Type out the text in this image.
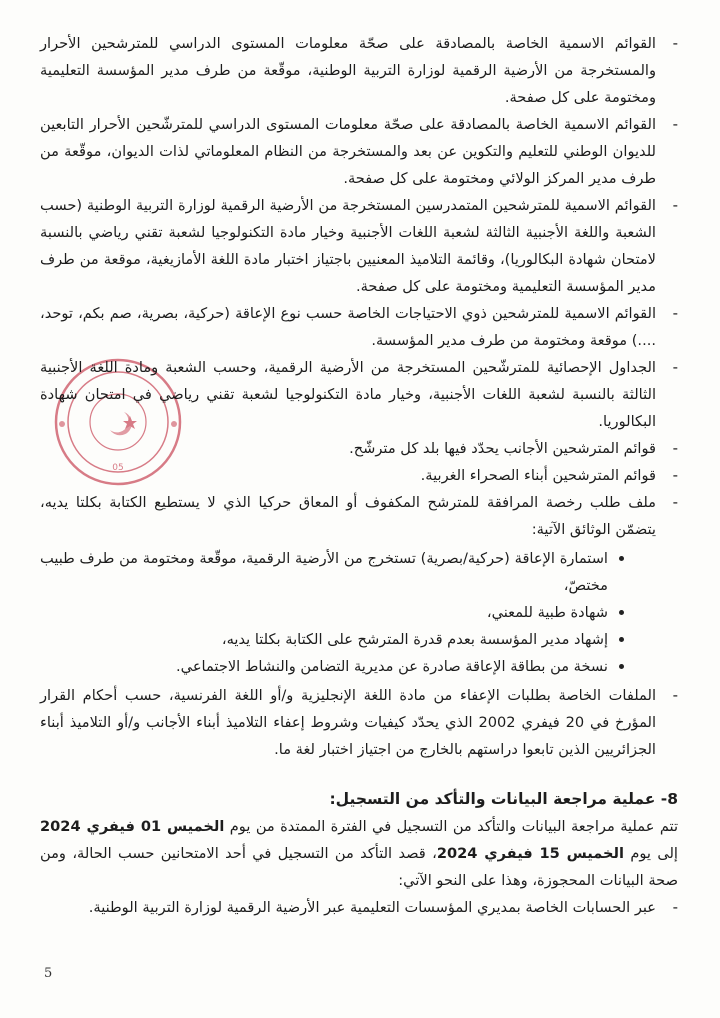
05
-
القوائم الاسمية الخاصة بالمصادقة على صحّة معلومات المستوى الدراسي للمترشحين الأحرار والمستخرجة من الأرضية الرقمية لوزارة التربية الوطنية، موقّعة من طرف مدير المؤسسة التعليمية ومختومة على كل صفحة.
-
القوائم الاسمية الخاصة بالمصادقة على صحّة معلومات المستوى الدراسي للمترشّحين الأحرار التابعين للديوان الوطني للتعليم والتكوين عن بعد والمستخرجة من النظام المعلوماتي لذات الديوان، موقّعة من طرف مدير المركز الولائي ومختومة على كل صفحة.
-
القوائم الاسمية للمترشحين المتمدرسين المستخرجة من الأرضية الرقمية لوزارة التربية الوطنية (حسب الشعبة واللغة الأجنبية الثالثة لشعبة اللغات الأجنبية وخيار مادة التكنولوجيا لشعبة تقني رياضي بالنسبة لامتحان شهادة البكالوريا)، وقائمة التلاميذ المعنيين باجتياز اختبار مادة اللغة الأمازيغية، موقعة من طرف مدير المؤسسة التعليمية ومختومة على كل صفحة.
-
القوائم الاسمية للمترشحين ذوي الاحتياجات الخاصة حسب نوع الإعاقة (حركية، بصرية، صم بكم، توحد، ....) موقعة ومختومة من طرف مدير المؤسسة.
-
الجداول الإحصائية للمترشّحين المستخرجة من الأرضية الرقمية، وحسب الشعبة ومادة اللغة الأجنبية الثالثة بالنسبة لشعبة اللغات الأجنبية، وخيار مادة التكنولوجيا لشعبة تقني رياضي في امتحان شهادة البكالوريا.
-
قوائم المترشحين الأجانب يحدّد فيها بلد كل مترشّح.
-
قوائم المترشحين أبناء الصحراء الغربية.
-
ملف طلب رخصة المرافقة للمترشح المكفوف أو المعاق حركيا الذي لا يستطيع الكتابة بكلتا يديه، يتضمّن الوثائق الآتية:
استمارة الإعاقة (حركية/بصرية) تستخرج من الأرضية الرقمية، موقّعة ومختومة من طرف طبيب مختصّ،
شهادة طبية للمعني،
إشهاد مدير المؤسسة بعدم قدرة المترشح على الكتابة بكلتا يديه،
نسخة من بطاقة الإعاقة صادرة عن مديرية التضامن والنشاط الاجتماعي.
-
الملفات الخاصة بطلبات الإعفاء من مادة اللغة الإنجليزية و/أو اللغة الفرنسية، حسب أحكام القرار المؤرخ في 20 فيفري 2002 الذي يحدّد كيفيات وشروط إعفاء التلاميذ أبناء الأجانب و/أو التلاميذ أبناء الجزائريين الذين تابعوا دراستهم بالخارج من اجتياز اختبار لغة ما.
8- عملية مراجعة البيانات والتأكد من التسجيل:
تتم عملية مراجعة البيانات والتأكد من التسجيل في الفترة الممتدة من يوم الخميس 01 فيفري 2024 إلى يوم الخميس 15 فيفري 2024، قصد التأكد من التسجيل في أحد الامتحانين حسب الحالة، ومن صحة البيانات المحجوزة، وهذا على النحو الآتي:
-
عبر الحسابات الخاصة بمديري المؤسسات التعليمية عبر الأرضية الرقمية لوزارة التربية الوطنية.
5
